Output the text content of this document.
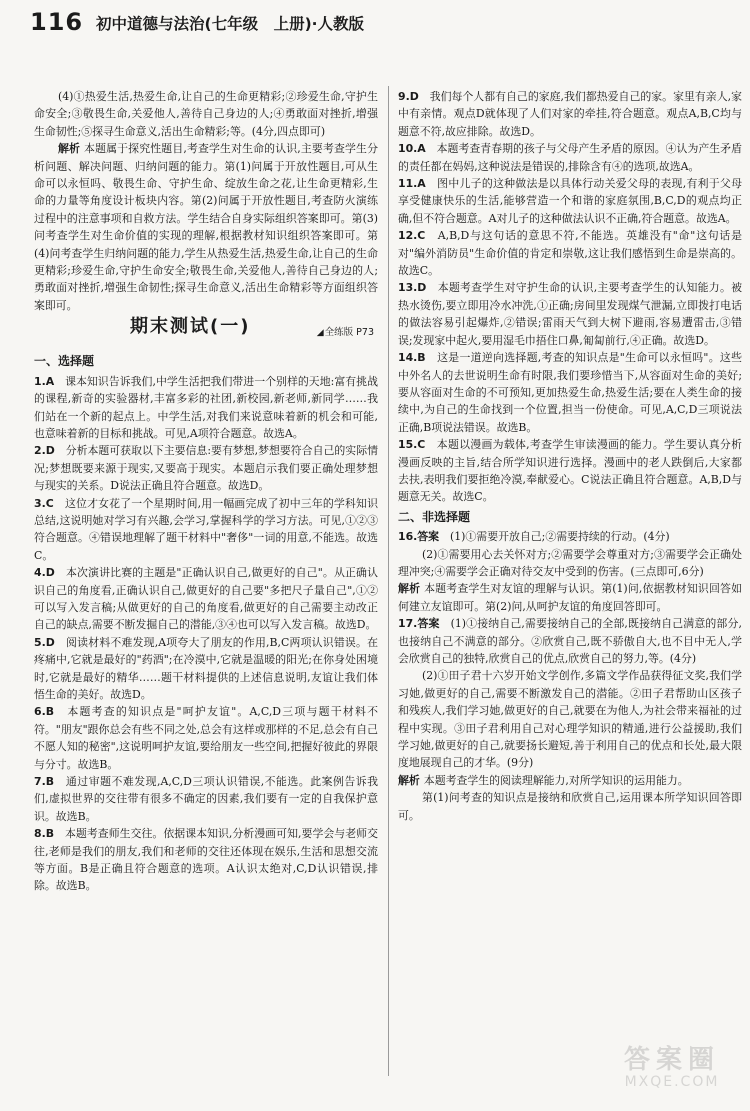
116 初中道德与法治(七年级　上册)·人教版

(4)①热爱生活,热爱生命,让自己的生命更精彩;②珍爱生命,守护生命安全;③敬畏生命,关爱他人,善待自己身边的人;④勇敢面对挫折,增强生命韧性;⑤探寻生命意义,活出生命精彩;等。(4分,四点即可)

解析 本题属于探究性题目,考查学生对生命的认识,主要考查学生分析问题、解决问题、归纳问题的能力。第(1)问属于开放性题目,可从生命可以永恒吗、敬畏生命、守护生命、绽放生命之花,让生命更精彩,生命的力量等角度设计板块内容。第(2)问属于开放性题目,考查防火演练过程中的注意事项和自救方法。学生结合自身实际组织答案即可。第(3)问考查学生对生命价值的实现的理解,根据教材知识组织答案即可。第(4)问考查学生归纳问题的能力,学生从热爱生活,热爱生命,让自己的生命更精彩;珍爱生命,守护生命安全;敬畏生命,关爱他人,善待自己身边的人;勇敢面对挫折,增强生命韧性;探寻生命意义,活出生命精彩等方面组织答案即可。

期末测试(一)	◢全练版 P73

一、选择题

1.A　 课本知识告诉我们,中学生活把我们带进一个别样的天地:富有挑战的课程,新奇的实验器材,丰富多彩的社团,新校园,新老师,新同学……我们站在一个新的起点上。中学生活,对我们来说意味着新的机会和可能,也意味着新的目标和挑战。可见,A项符合题意。故选A。

2.D　 分析本题可获取以下主要信息:要有梦想,梦想要符合自己的实际情况;梦想既要来源于现实,又要高于现实。本题启示我们要正确处理梦想与现实的关系。D说法正确且符合题意。故选D。

3.C　 这位才女花了一个星期时间,用一幅画完成了初中三年的学科知识总结,这说明她对学习有兴趣,会学习,掌握科学的学习方法。可见,①②③符合题意。④错误地理解了题干材料中"奢侈"一词的用意,不能选。故选C。

4.D　 本次演讲比赛的主题是"正确认识自己,做更好的自己"。从正确认识自己的角度看,正确认识自己,做更好的自己要"多把尺子量自己",①②可以写入发言稿;从做更好的自己的角度看,做更好的自己需要主动改正自己的缺点,需要不断发掘自己的潜能,③④也可以写入发言稿。故选D。

5.D　 阅读材料不难发现,A项夸大了朋友的作用,B,C两项认识错误。在疼痛中,它就是最好的"药酒";在冷漠中,它就是温暖的阳光;在你身处困境时,它就是最好的精华……题干材料提供的上述信息说明,友谊让我们体悟生命的美好。故选D。

6.B　 本题考查的知识点是"呵护友谊"。A,C,D三项与题干材料不符。"朋友"跟你总会有些不同之处,总会有这样或那样的不足,总会有自己不愿人知的秘密",这说明呵护友谊,要给朋友一些空间,把握好彼此的界限与分寸。故选B。

7.B　 通过审题不难发现,A,C,D三项认识错误,不能选。此案例告诉我们,虚拟世界的交往带有很多不确定的因素,我们要有一定的自我保护意识。故选B。

8.B　 本题考查师生交往。依据课本知识,分析漫画可知,要学会与老师交往,老师是我们的朋友,我们和老师的交往还体现在娱乐,生活和思想交流等方面。B是正确且符合题意的选项。A认识太绝对,C,D认识错误,排除。故选B。

9.D　 我们每个人都有自己的家庭,我们都热爱自己的家。家里有亲人,家中有亲情。观点D就体现了人们对家的牵挂,符合题意。观点A,B,C均与题意不符,故应排除。故选D。

10.A　 本题考查青春期的孩子与父母产生矛盾的原因。④认为产生矛盾的责任都在妈妈,这种说法是错误的,排除含有④的选项,故选A。

11.A　 图中儿子的这种做法是以具体行动关爱父母的表现,有利于父母享受健康快乐的生活,能够营造一个和谐的家庭氛围,B,C,D的观点均正确,但不符合题意。A对儿子的这种做法认识不正确,符合题意。故选A。

12.C　 A,B,D与这句话的意思不符,不能选。英雄没有"命"这句话是对"编外消防员"生命价值的肯定和崇敬,这让我们感悟到生命是崇高的。故选C。

13.D　 本题考查学生对守护生命的认识,主要考查学生的认知能力。被热水烫伤,要立即用冷水冲洗,①正确;房间里发现煤气泄漏,立即拨打电话的做法容易引起爆炸,②错误;雷雨天气到大树下避雨,容易遭雷击,③错误;发现家中起火,要用湿毛巾捂住口鼻,匍匐前行,④正确。故选D。

14.B　 这是一道逆向选择题,考查的知识点是"生命可以永恒吗"。这些中外名人的去世说明生命有时限,我们要珍惜当下,从容面对生命的美好;要从容面对生命的不可预知,更加热爱生命,热爱生活;要在人类生命的接续中,为自己的生命找到一个位置,担当一份使命。可见,A,C,D三项说法正确,B项说法错误。故选B。

15.C　 本题以漫画为载体,考查学生审读漫画的能力。学生要认真分析漫画反映的主旨,结合所学知识进行选择。漫画中的老人跌倒后,大家都去扶,表明我们要拒绝冷漠,奉献爱心。C说法正确且符合题意。A,B,D与题意无关。故选C。

二、非选择题

16.答案　 (1)①需要开放自己;②需要持续的行动。(4分)

(2)①需要用心去关怀对方;②需要学会尊重对方;③需要学会正确处理冲突;④需要学会正确对待交友中受到的伤害。(三点即可,6分)

解析 本题考查学生对友谊的理解与认识。第(1)问,依据教材知识回答如何建立友谊即可。第(2)问,从呵护友谊的角度回答即可。

17.答案　 (1)①接纳自己,需要接纳自己的全部,既接纳自己满意的部分,也接纳自己不满意的部分。②欣赏自己,既不骄傲自大,也不目中无人,学会欣赏自己的独特,欣赏自己的优点,欣赏自己的努力,等。(4分)

(2)①田子君十六岁开始文学创作,多篇文学作品获得征文奖,我们学习她,做更好的自己,需要不断激发自己的潜能。②田子君帮助山区孩子和残疾人,我们学习她,做更好的自己,就要在为他人,为社会带来福祉的过程中实现。③田子君利用自己对心理学知识的精通,进行公益援助,我们学习她,做更好的自己,就要扬长避短,善于利用自己的优点和长处,最大限度地展现自己的才华。(9分)

解析 本题考查学生的阅读理解能力,对所学知识的运用能力。

第(1)问考查的知识点是接纳和欣赏自己,运用课本所学知识回答即可。

答案圈
MXQE.COM
